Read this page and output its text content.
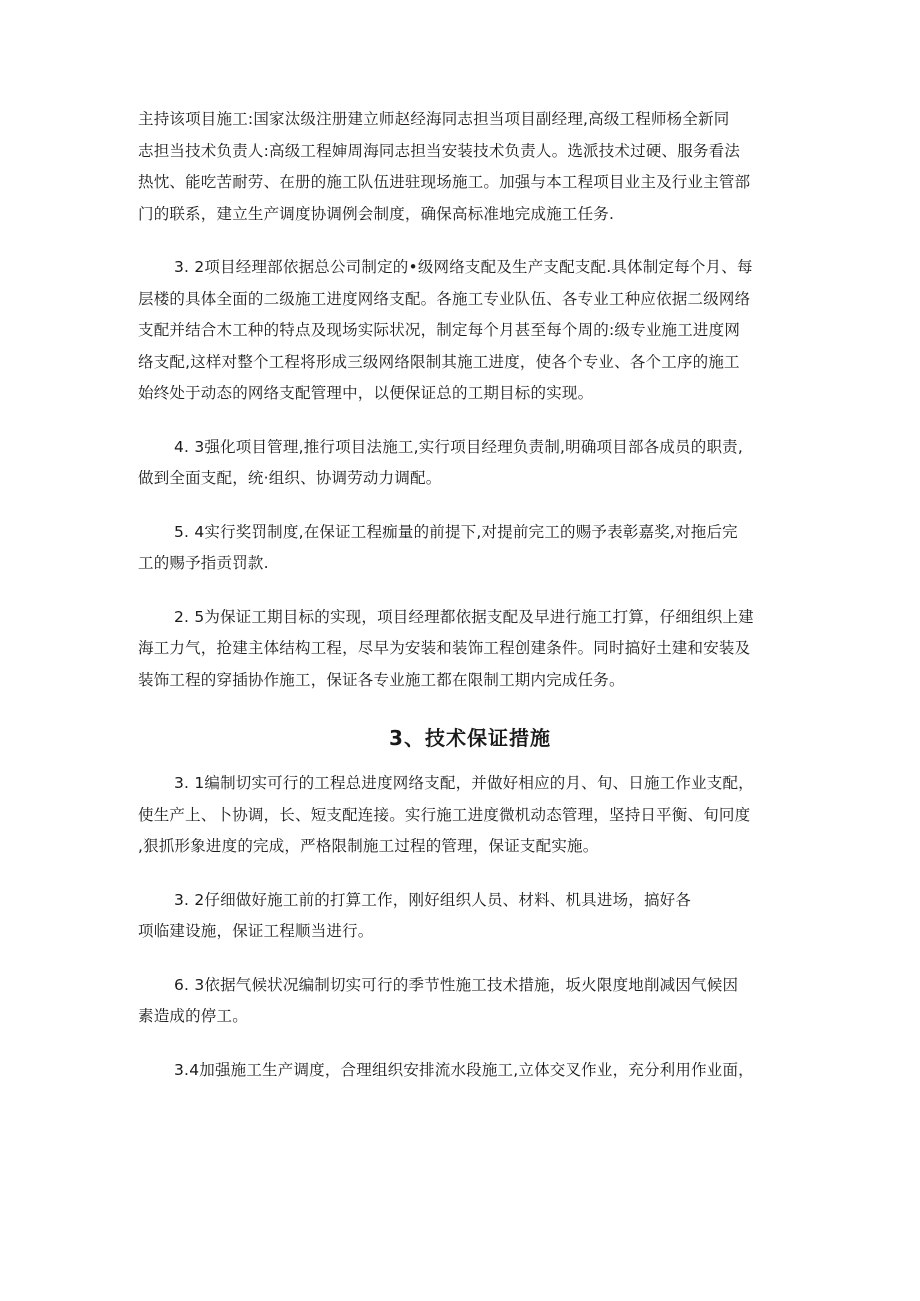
主持该项目施工:国家汰级注册建立师赵经海同志担当项目副经理,高级工程师杨全新同
志担当技术负责人:高级工程婶周海同志担当安装技术负责人。选派技术过硬、服务看法
热忱、能吃苦耐劳、在册的施工队伍进驻现场施工。加强与本工程项目业主及行业主管部
门的联系，建立生产调度协调例会制度，确保高标准地完成施工任务.
3. 2项目经理部依据总公司制定的•级网络支配及生产支配支配.具体制定每个月、每
层楼的具体全面的二级施工进度网络支配。各施工专业队伍、各专业工种应依据二级网络
支配并结合木工种的特点及现场实际状况，制定每个月甚至每个周的:级专业施工进度网
络支配,这样对整个工程将形成三级网络限制其施工进度，使各个专业、各个工序的施工
始终处于动态的网络支配管理中，以便保证总的工期目标的实现。
4. 3强化项目管理,推行项目法施工,实行项目经理负责制,明确项目部各成员的职责,
做到全面支配，统·组织、协调劳动力调配。
5. 4实行奖罚制度,在保证工程痂量的前提下,对提前完工的赐予表彰嘉奖,对拖后完
工的赐予指贡罚款.
2. 5为保证工期目标的实现，项目经理都依据支配及早进行施工打算，仔细组织上建
海工力气，抢建主体结构工程，尽早为安装和装饰工程创建条件。同时搞好土建和安装及
装饰工程的穿插协作施工，保证各专业施工都在限制工期内完成任务。
3、技术保证措施
3. 1编制切实可行的工程总进度网络支配，并做好相应的月、旬、日施工作业支配，
使生产上、卜协调，长、短支配连接。实行施工进度微机动态管理，坚持日平衡、旬冋度
,狠抓形象进度的完成，严格限制施工过程的管理，保证支配实施。
3. 2仔细做好施工前的打算工作，刚好组织人员、材料、机具进场，搞好各
项临建设施，保证工程顺当进行。
6. 3依据气候状况编制切实可行的季节性施工技术措施，坂火限度地削减因气候因
素造成的停工。
3.4加强施工生产调度，合理组织安排流水段施工,立体交叉作业，充分利用作业面，
